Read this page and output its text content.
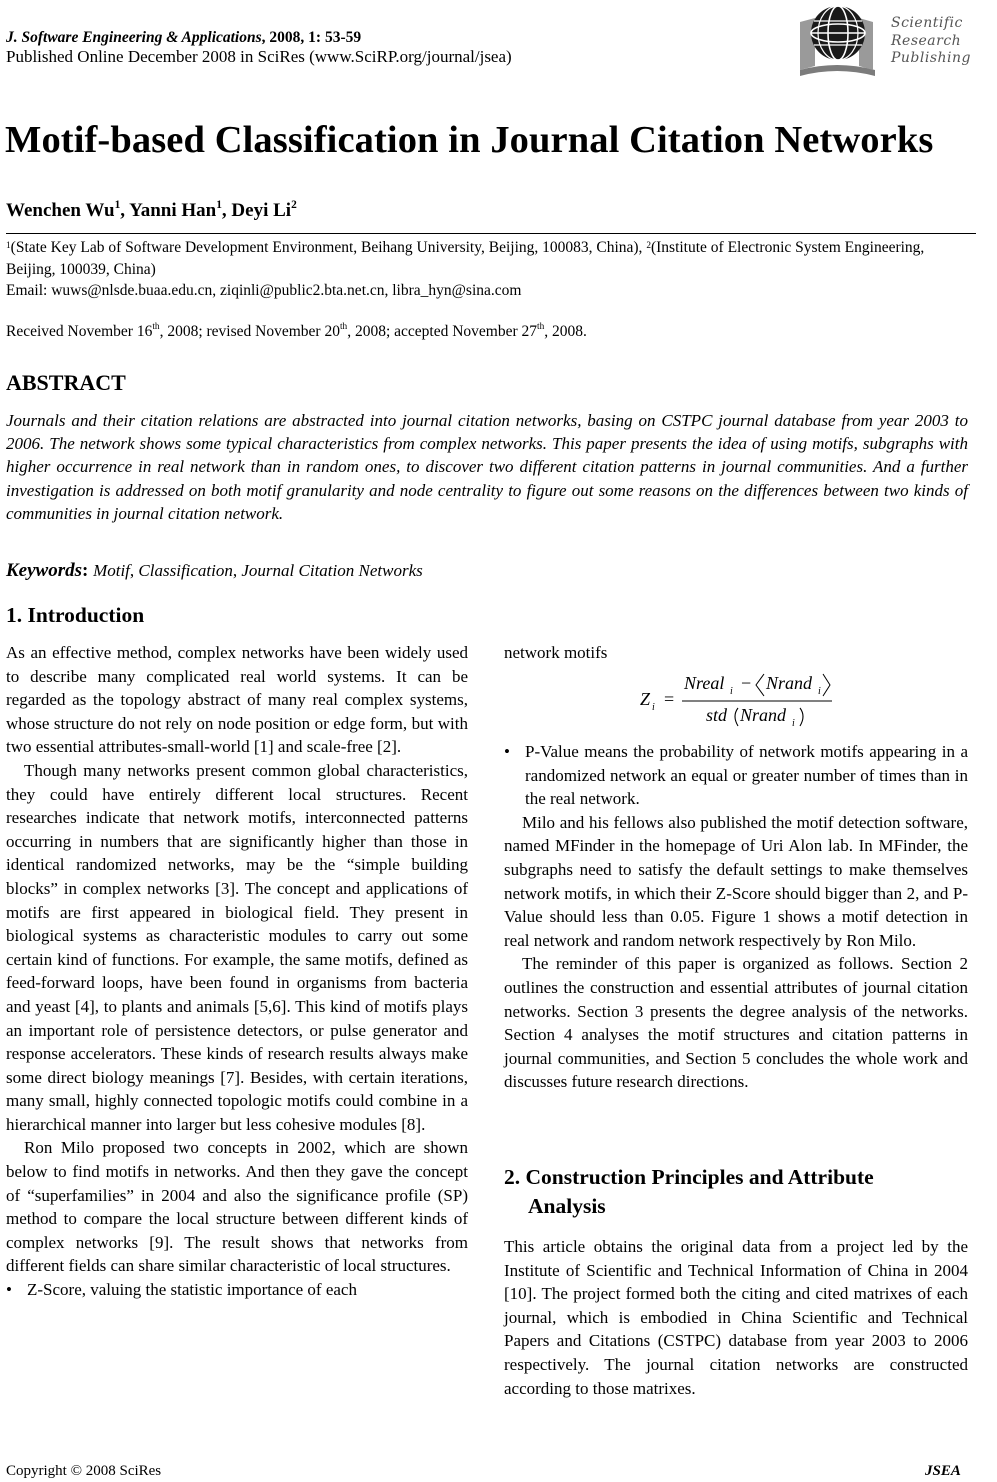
J. Software Engineering & Applications, 2008, 1: 53-59
Published Online December 2008 in SciRes (www.SciRP.org/journal/jsea)
Scientific
Research
Publishing
Motif-based Classification in Journal Citation Networks
Wenchen Wu$^1$, Yanni Han$^1$, Deyi Li$^2$
$^1$(State Key Lab of Software Development Environment, Beihang University, Beijing, 100083, China), $^2$(Institute of Electronic System Engineering, Beijing, 100039, China)
Email: wuws@nlsde.buaa.edu.cn, ziqinli@public2.bta.net.cn, libra_hyn@sina.com
Received November 16th, 2008; revised November 20th, 2008; accepted November 27th, 2008.
ABSTRACT
Journals and their citation relations are abstracted into journal citation networks, basing on CSTPC journal database from year 2003 to 2006. The network shows some typical characteristics from complex networks. This paper presents the idea of using motifs, subgraphs with higher occurrence in real network than in random ones, to discover two different citation patterns in journal communities. And a further investigation is addressed on both motif granularity and node centrality to figure out some reasons on the differences between two kinds of communities in journal citation network.
Keywords: Motif, Classification, Journal Citation Networks
1. Introduction

As an effective method, complex networks have been widely used to describe many complicated real world systems. It can be regarded as the topology abstract of many real complex systems, whose structure do not rely on node position or edge form, but with two essential attributes-small-world [1] and scale-free [2].

Though many networks present common global characteristics, they could have entirely different local structures. Recent researches indicate that network motifs, interconnected patterns occurring in numbers that are significantly higher than those in identical randomized networks, may be the “simple building blocks” in complex networks [3]. The concept and applications of motifs are first appeared in biological field. They present in biological systems as characteristic modules to carry out some certain kind of functions. For example, the same motifs, defined as feed-forward loops, have been found in organisms from bacteria and yeast [4], to plants and animals [5,6]. This kind of motifs plays an important role of persistence detectors, or pulse generator and response accelerators. These kinds of research results always make some direct biology meanings [7]. Besides, with certain iterations, many small, highly connected topologic motifs could combine in a hierarchical manner into larger but less cohesive modules [8].

Ron Milo proposed two concepts in 2002, which are shown below to find motifs in networks. And then they gave the concept of “superfamilies” in 2004 and also the significance profile (SP) method to compare the local structure between different kinds of complex networks [9]. The result shows that networks from different fields can share similar characteristic of local structures.

• Z-Score, valuing the statistic importance of each

network motifs

Z i =
Nreal i − Nrand i
std Nrand i
• P-Value means the probability of network motifs appearing in a randomized network an equal or greater number of times than in the real network.

Milo and his fellows also published the motif detection software, named MFinder in the homepage of Uri Alon lab. In MFinder, the subgraphs need to satisfy the default settings to make themselves network motifs, in which their Z-Score should bigger than 2, and P-Value should less than 0.05. Figure 1 shows a motif detection in real network and random network respectively by Ron Milo.

The reminder of this paper is organized as follows. Section 2 outlines the construction and essential attributes of journal citation networks. Section 3 presents the degree analysis of the networks. Section 4 analyses the motif structures and citation patterns in journal communities, and Section 5 concludes the whole work and discusses future research directions.

2. Construction Principles and Attribute
Analysis

This article obtains the original data from a project led by the Institute of Scientific and Technical Information of China in 2004 [10]. The project formed both the citing and cited matrixes of each journal, which is embodied in China Scientific and Technical Papers and Citations (CSTPC) database from year 2003 to 2006 respectively. The journal citation networks are constructed according to those matrixes.

Copyright © 2008 SciRes	JSEA
